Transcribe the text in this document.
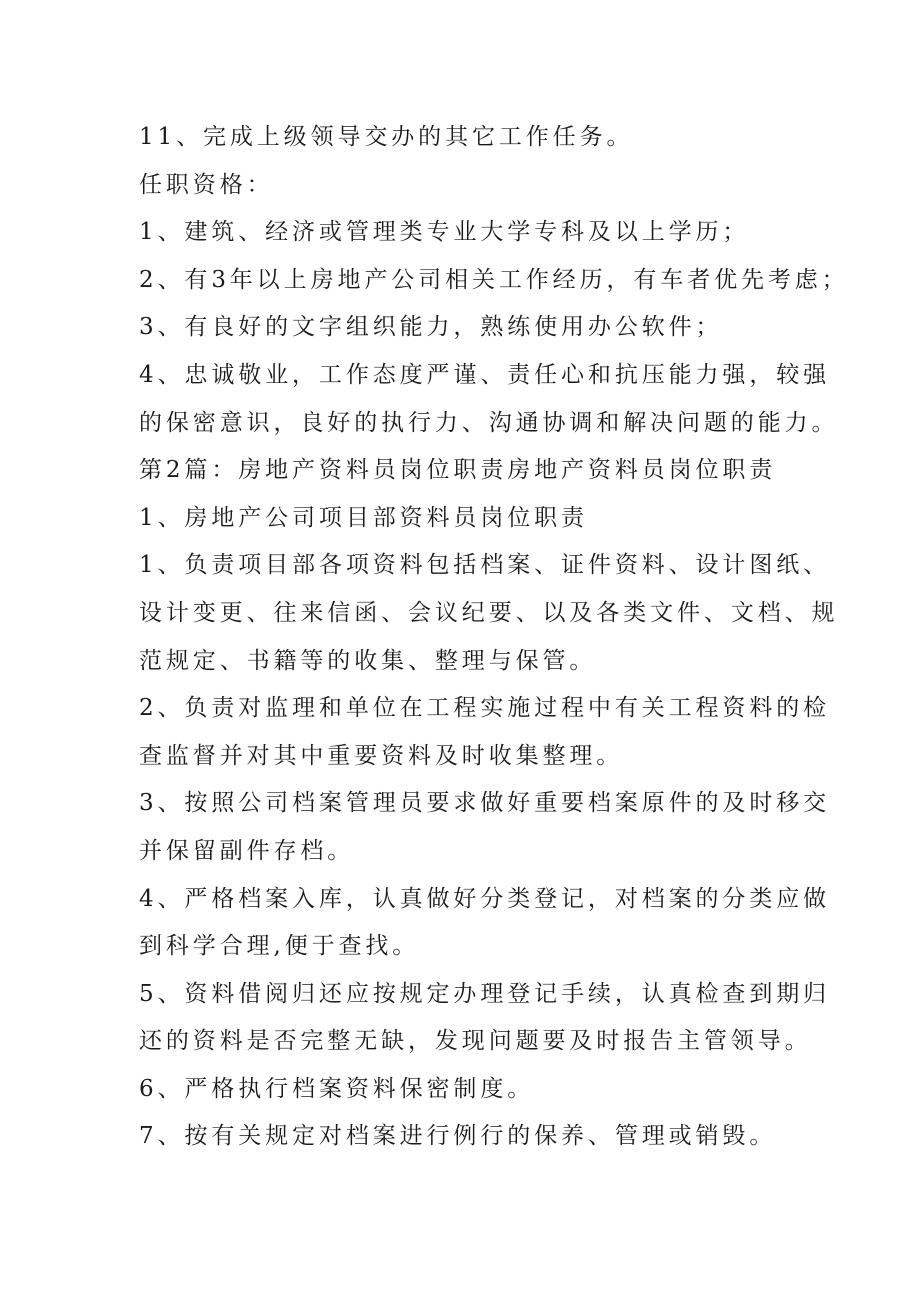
11、完成上级领导交办的其它工作任务。
任职资格：
1、建筑、经济或管理类专业大学专科及以上学历；
2、有3年以上房地产公司相关工作经历，有车者优先考虑；
3、有良好的文字组织能力，熟练使用办公软件；
4、忠诚敬业，工作态度严谨、责任心和抗压能力强，较强
的保密意识，良好的执行力、沟通协调和解决问题的能力。
第2篇：房地产资料员岗位职责房地产资料员岗位职责
1、房地产公司项目部资料员岗位职责
1、负责项目部各项资料包括档案、证件资料、设计图纸、
设计变更、往来信函、会议纪要、以及各类文件、文档、规
范规定、书籍等的收集、整理与保管。
2、负责对监理和单位在工程实施过程中有关工程资料的检
查监督并对其中重要资料及时收集整理。
3、按照公司档案管理员要求做好重要档案原件的及时移交
并保留副件存档。
4、严格档案入库，认真做好分类登记，对档案的分类应做
到科学合理,便于查找。
5、资料借阅归还应按规定办理登记手续，认真检查到期归
还的资料是否完整无缺，发现问题要及时报告主管领导。
6、严格执行档案资料保密制度。
7、按有关规定对档案进行例行的保养、管理或销毁。
